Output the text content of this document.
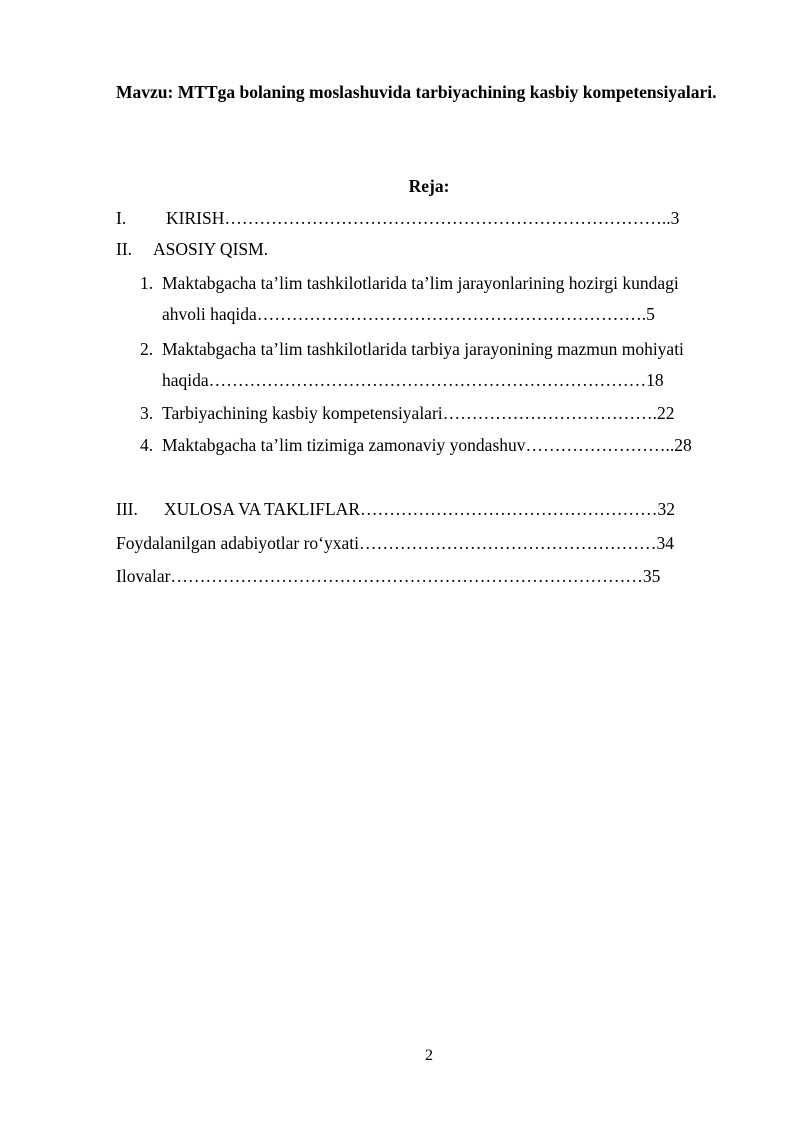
Mavzu: MTTga bolaning moslashuvida tarbiyachining kasbiy kompetensiyalari.
Reja:
I. KIRISH…………………………………………………………………..3
II. ASOSIY QISM.
1. Maktabgacha ta’lim tashkilotlarida ta’lim jarayonlarining hozirgi kundagi
ahvoli haqida………………………………………………………….5
2. Maktabgacha ta’lim tashkilotlarida tarbiya jarayonining mazmun mohiyati
haqida…………………………………………………………………18
3. Tarbiyachining kasbiy kompetensiyalari……………………………….22
4. Maktabgacha ta’lim tizimiga zamonaviy yondashuv……………………..28
III. XULOSA VA TAKLIFLAR……………………………………………32
Foydalanilgan adabiyotlar ro‘yxati……………………………………………34
Ilovalar………………………………………………………………………35
2
